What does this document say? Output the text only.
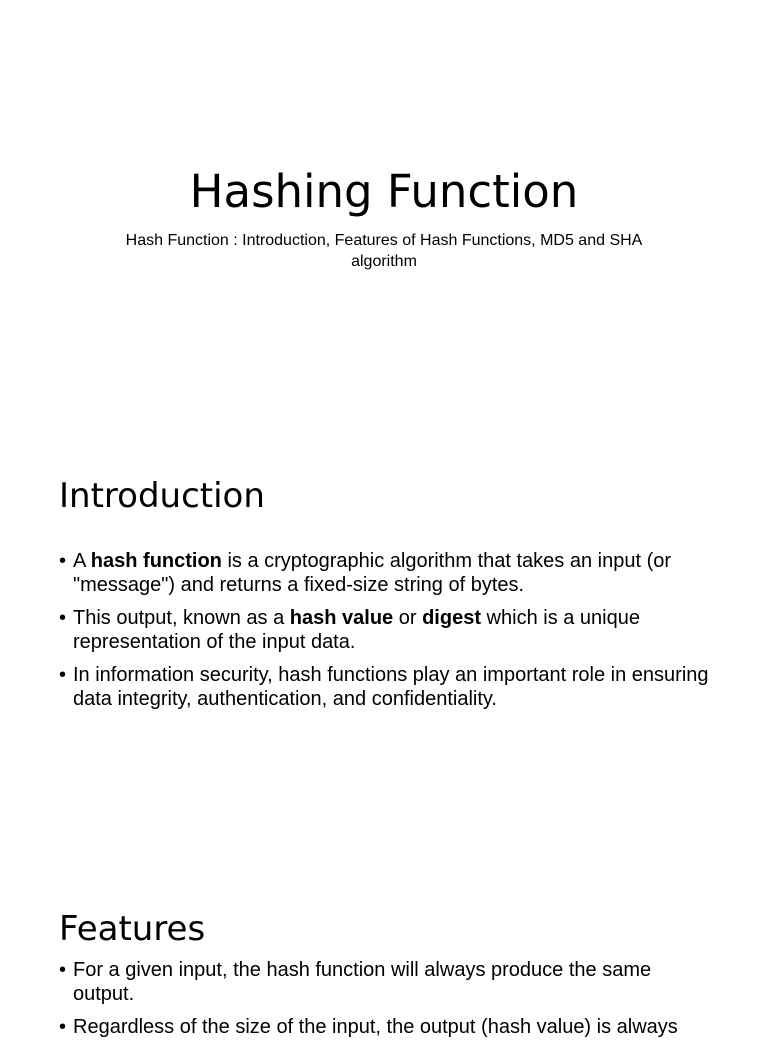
Hashing Function

Hash Function : Introduction, Features of Hash Functions, MD5 and SHA algorithm

Introduction
• A hash function is a cryptographic algorithm that takes an input (or "message") and returns a fixed-size string of bytes.
• This output, known as a hash value or digest which is a unique representation of the input data.
• In information security, hash functions play an important role in ensuring data integrity, authentication, and confidentiality.
Features
• For a given input, the hash function will always produce the same output.
• Regardless of the size of the input, the output (hash value) is always
